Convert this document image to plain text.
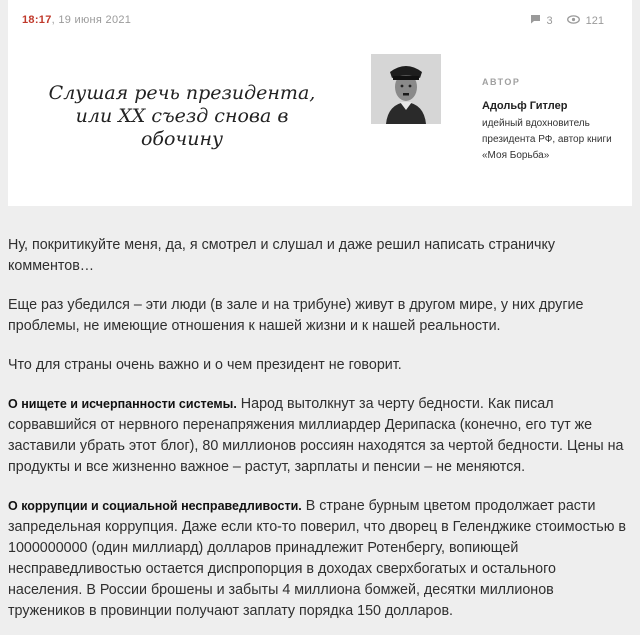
18:17, 19 июня 2021	3	121
Слушая речь президента, или XX съезд снова в обочину
АВТОР
Адольф Гитлер
идейный вдохновитель президента РФ, автор книги «Моя Борьба»

Ну, покритикуйте меня, да, я смотрел и слушал и даже решил написать страничку комментов…

Еще раз убедился – эти люди (в зале и на трибуне) живут в другом мире, у них другие проблемы, не имеющие отношения к нашей жизни и к нашей реальности.

Что для страны очень важно и о чем президент не говорит.

О нищете и исчерпанности системы. Народ вытолкнут за черту бедности. Как писал сорвавшийся от нервного перенапряжения миллиардер Дерипаска (конечно, его тут же заставили убрать этот блог), 80 миллионов россиян находятся за чертой бедности. Цены на продукты и все жизненно важное – растут, зарплаты и пенсии – не меняются.

О коррупции и социальной несправедливости. В стране бурным цветом продолжает расти запредельная коррупция. Даже если кто-то поверил, что дворец в Геленджике стоимостью в 1000000000 (один миллиард) долларов принадлежит Ротенбергу, вопиющей несправедливостью остается диспропорция в доходах сверхбогатых и остального населения. В России брошены и забыты 4 миллиона бомжей, десятки миллионов тружеников в провинции получают заплату порядка 150 долларов.
